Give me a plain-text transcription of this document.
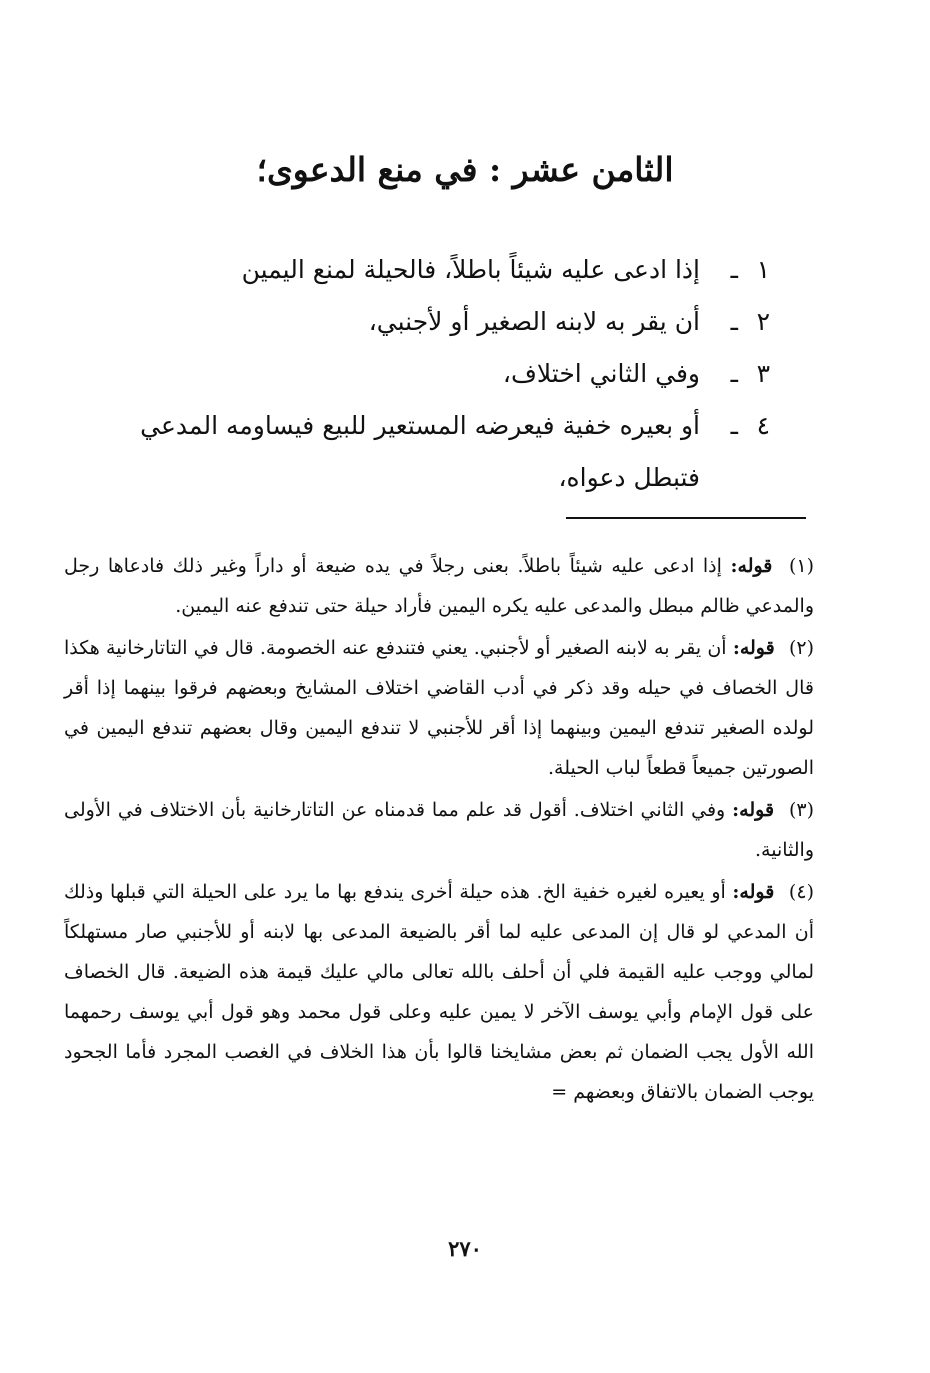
الثامن عشر : في منع الدعوى؛
١
ـ
إذا ادعى عليه شيئاً باطلاً، فالحيلة لمنع اليمين
٢
ـ
أن يقر به لابنه الصغير أو لأجنبي،
٣
ـ
وفي الثاني اختلاف،
٤
ـ
أو بعيره خفية فيعرضه المستعير للبيع فيساومه المدعي فتبطل دعواه،

(١) قوله: إذا ادعى عليه شيئاً باطلاً. بعنى رجلاً في يده ضيعة أو داراً وغير ذلك فادعاها رجل والمدعي ظالم مبطل والمدعى عليه يكره اليمين فأراد حيلة حتى تندفع عنه اليمين.

(٢) قوله: أن يقر به لابنه الصغير أو لأجنبي. يعني فتندفع عنه الخصومة. قال في التاتارخانية هكذا قال الخصاف في حيله وقد ذكر في أدب القاضي اختلاف المشايخ وبعضهم فرقوا بينهما إذا أقر لولده الصغير تندفع اليمين وبينهما إذا أقر للأجنبي لا تندفع اليمين وقال بعضهم تندفع اليمين في الصورتين جميعاً قطعاً لباب الحيلة.

(٣) قوله: وفي الثاني اختلاف. أقول قد علم مما قدمناه عن التاتارخانية بأن الاختلاف في الأولى والثانية.

(٤) قوله: أو يعيره لغيره خفية الخ. هذه حيلة أخرى يندفع بها ما يرد على الحيلة التي قبلها وذلك أن المدعي لو قال إن المدعى عليه لما أقر بالضيعة المدعى بها لابنه أو للأجنبي صار مستهلكاً لمالي ووجب عليه القيمة فلي أن أحلف بالله تعالى مالي عليك قيمة هذه الضيعة. قال الخصاف على قول الإمام وأبي يوسف الآخر لا يمين عليه وعلى قول محمد وهو قول أبي يوسف رحمهما الله الأول يجب الضمان ثم بعض مشايخنا قالوا بأن هذا الخلاف في الغصب المجرد فأما الجحود يوجب الضمان بالاتفاق وبعضهم =

٢٧٠
